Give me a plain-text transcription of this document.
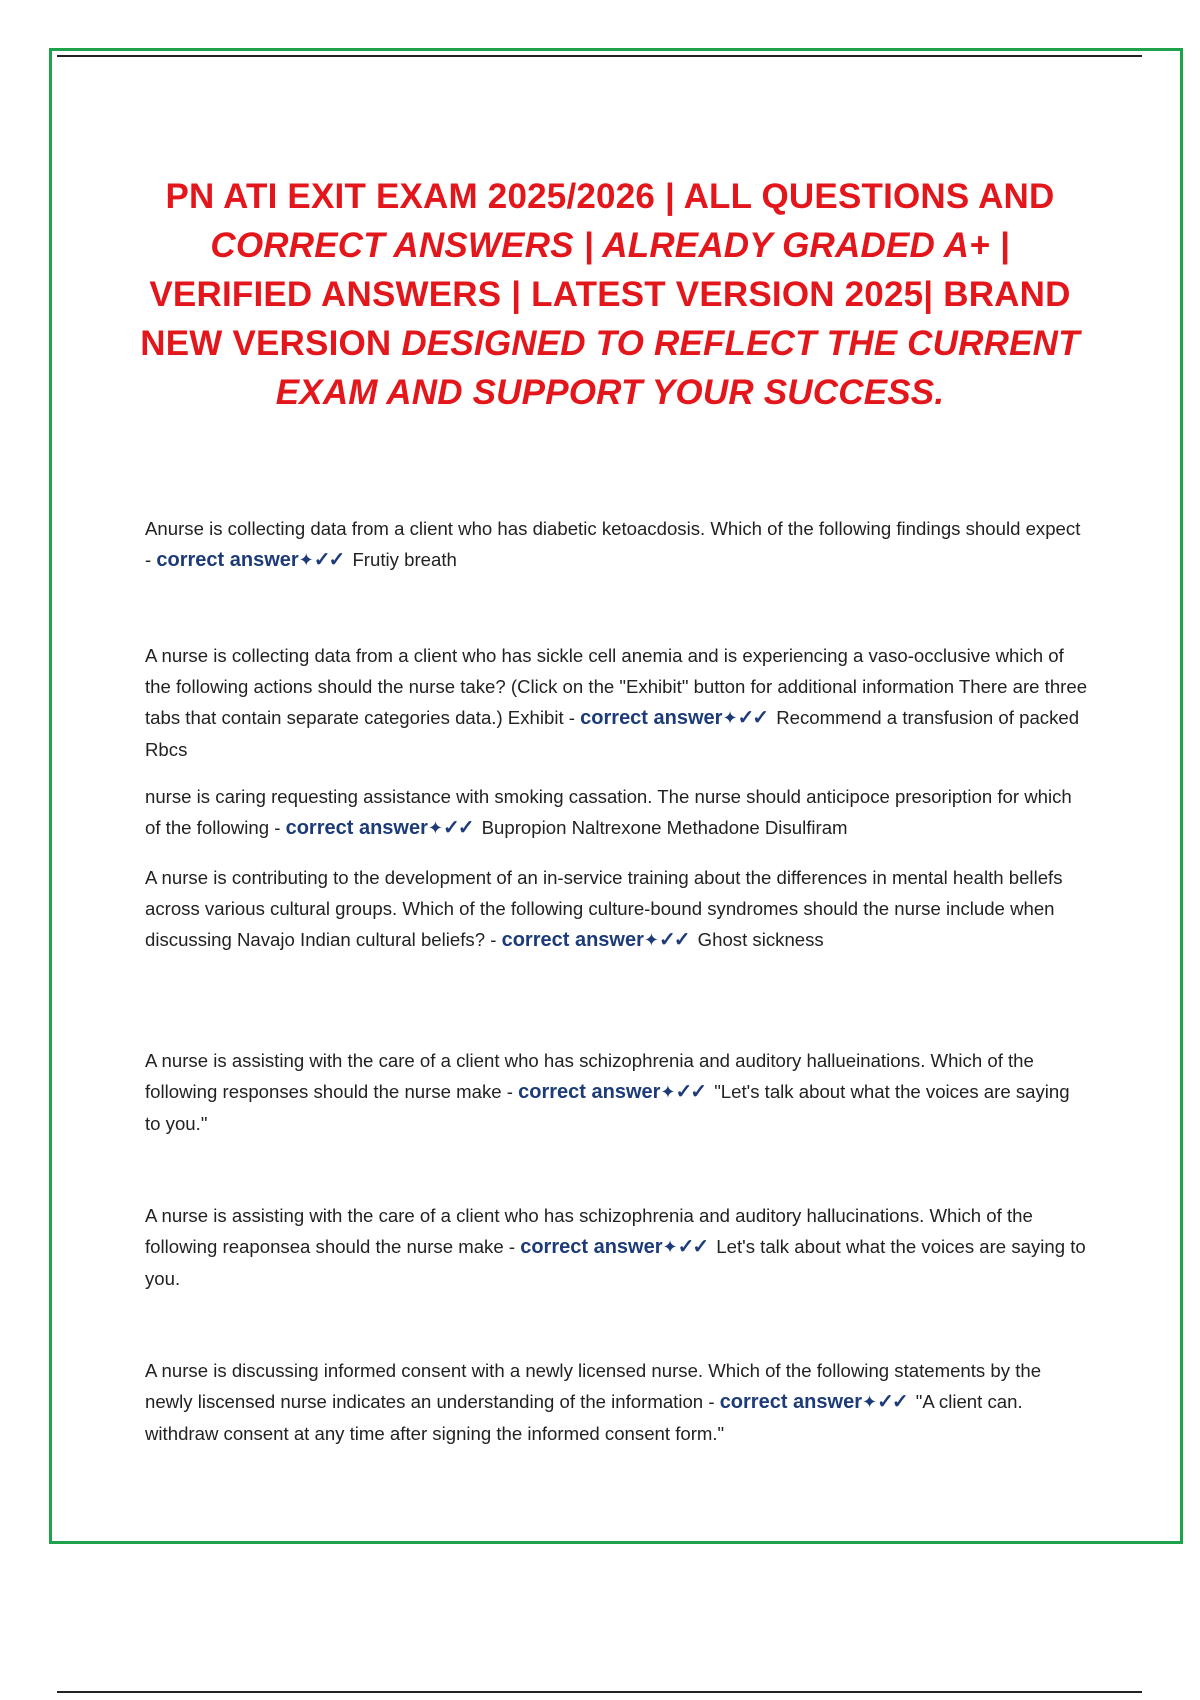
PN ATI EXIT EXAM 2025/2026 | ALL QUESTIONS AND
CORRECT ANSWERS | ALREADY GRADED A+ |
VERIFIED ANSWERS | LATEST VERSION 2025| BRAND
NEW VERSION DESIGNED TO REFLECT THE CURRENT
EXAM AND SUPPORT YOUR SUCCESS.
Anurse is collecting data from a client who has diabetic ketoacdosis. Which of the following findings should expect - correct answer✦✓✓ Frutiy breath
A nurse is collecting data from a client who has sickle cell anemia and is experiencing a vaso-occlusive which of the following actions should the nurse take? (Click on the "Exhibit" button for additional information There are three tabs that contain separate categories data.) Exhibit - correct answer✦✓✓ Recommend a transfusion of packed Rbcs
nurse is caring requesting assistance with smoking cassation. The nurse should anticipoce presoription for which of the following - correct answer✦✓✓ Bupropion Naltrexone Methadone Disulfiram
A nurse is contributing to the development of an in-service training about the differences in mental health bellefs across various cultural groups. Which of the following culture-bound syndromes should the nurse include when discussing Navajo Indian cultural beliefs? - correct answer✦✓✓ Ghost sickness
A nurse is assisting with the care of a client who has schizophrenia and auditory hallueinations. Which of the following responses should the nurse make - correct answer✦✓✓ "Let's talk about what the voices are saying to you."
A nurse is assisting with the care of a client who has schizophrenia and auditory hallucinations. Which of the following reaponsea should the nurse make - correct answer✦✓✓ Let's talk about what the voices are saying to you.
A nurse is discussing informed consent with a newly licensed nurse. Which of the following statements by the newly liscensed nurse indicates an understanding of the information - correct answer✦✓✓ "A client can. withdraw consent at any time after signing the informed consent form."
